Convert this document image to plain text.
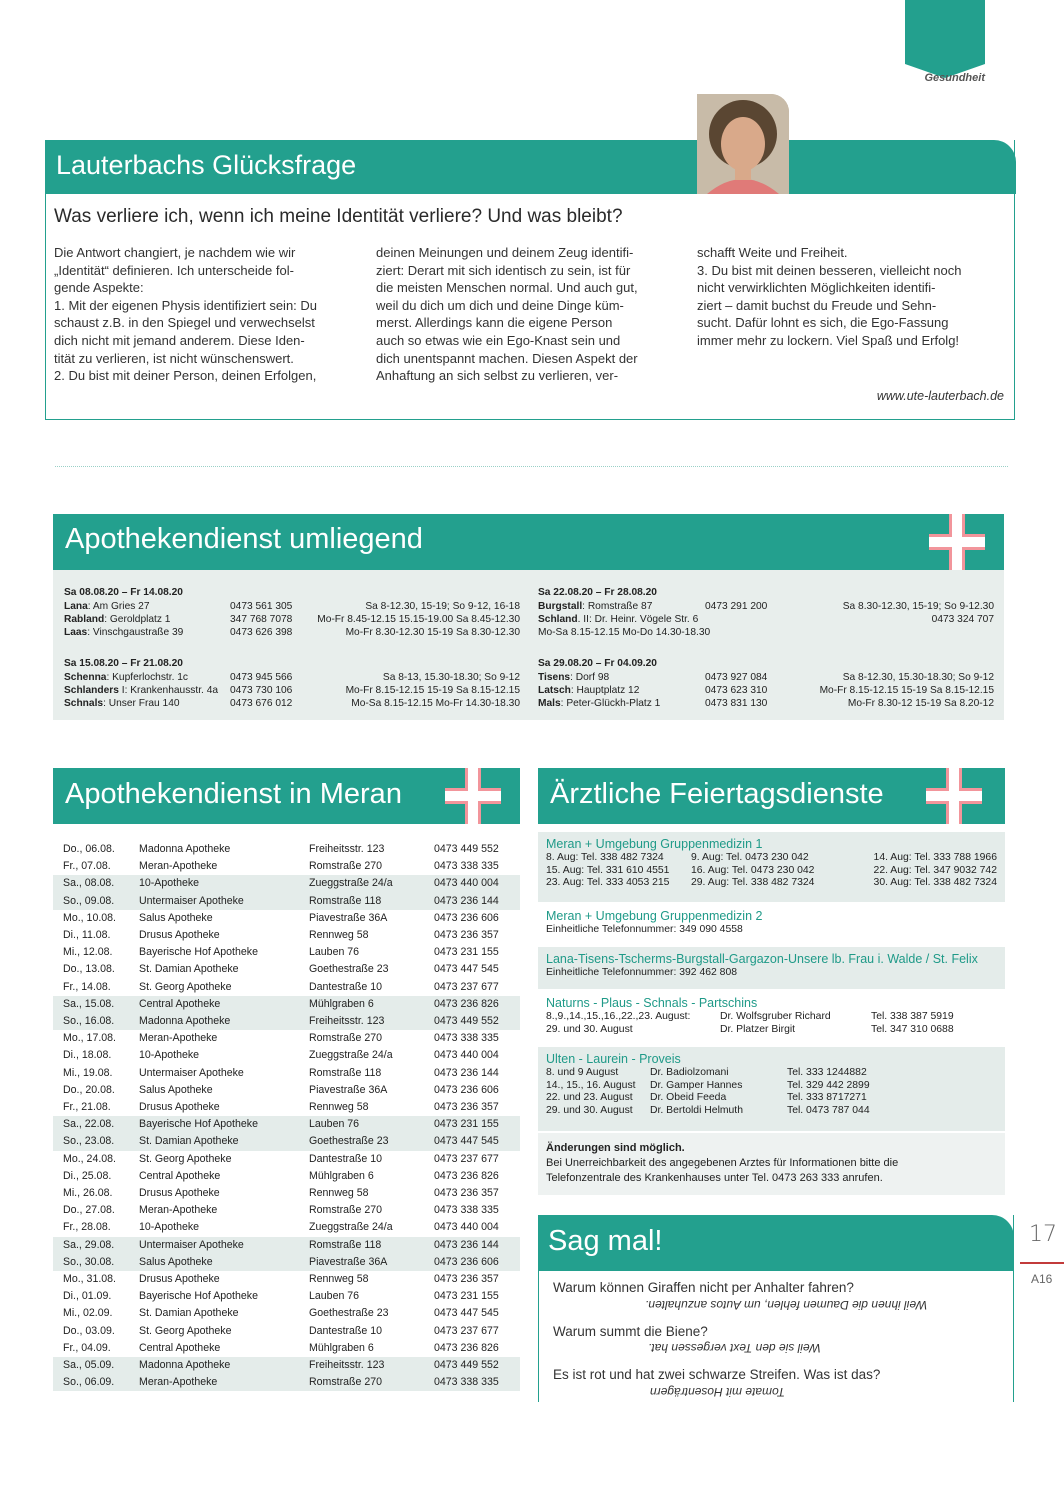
Gesundheit
Lauterbachs Glücksfrage
Was verliere ich, wenn ich meine Identität verliere? Und was bleibt?
Die Antwort changiert, je nachdem wie wir
„Identität“ definieren. Ich unterscheide fol-
gende Aspekte:
1. Mit der eigenen Physis identifiziert sein: Du
schaust z.B. in den Spiegel und verwechselst
dich nicht mit jemand anderem. Diese Iden-
tität zu verlieren, ist nicht wünschenswert.
2. Du bist mit deiner Person, deinen Erfolgen,
deinen Meinungen und deinem Zeug identifi-
ziert: Derart mit sich identisch zu sein, ist für
die meisten Menschen normal. Und auch gut,
weil du dich um dich und deine Dinge küm-
merst. Allerdings kann die eigene Person
auch so etwas wie ein Ego-Knast sein und
dich unentspannt machen. Diesen Aspekt der
Anhaftung an sich selbst zu verlieren, ver-
schafft Weite und Freiheit.
3. Du bist mit deinen besseren, vielleicht noch
nicht verwirklichten Möglichkeiten identifi-
ziert – damit buchst du Freude und Sehn-
sucht. Dafür lohnt es sich, die Ego-Fassung
immer mehr zu lockern. Viel Spaß und Erfolg!
www.ute-lauterbach.de
Apothekendienst umliegend
Sa 08.08.20 – Fr 14.08.20
Lana: Am Gries 27	0473 561 305	Sa 8-12.30, 15-19; So 9-12, 16-18
Rabland: Geroldplatz 1	347 768 7078 Mo-Fr 8.45-12.15 15.15-19.00 Sa 8.45-12.30
Laas: Vinschgaustraße 39	0473 626 398	Mo-Fr 8.30-12.30 15-19 Sa 8.30-12.30
Sa 15.08.20 – Fr 21.08.20
Schenna: Kupferlochstr. 1c	0473 945 566	Sa 8-13, 15.30-18.30; So 9-12
Schlanders I: Krankenhausstr. 4a 0473 730 106	Mo-Fr 8.15-12.15 15-19 Sa 8.15-12.15
Schnals: Unser Frau 140	0473 676 012	Mo-Sa 8.15-12.15 Mo-Fr 14.30-18.30
Sa 22.08.20 – Fr 28.08.20
Burgstall: Romstraße 87	0473 291 200	Sa 8.30-12.30, 15-19; So 9-12.30
Schland. II: Dr. Heinr. Vögele Str. 6	0473 324 707
Mo-Sa 8.15-12.15 Mo-Do 14.30-18.30
Sa 29.08.20 – Fr 04.09.20
Tisens: Dorf 98	0473 927 084	Sa 8-12.30, 15.30-18.30; So 9-12
Latsch: Hauptplatz 12	0473 623 310	Mo-Fr 8.15-12.15 15-19 Sa 8.15-12.15
Mals: Peter-Glückh-Platz 1	0473 831 130	Mo-Fr 8.30-12 15-19 Sa 8.20-12
Apothekendienst in Meran
Do., 06.08. Madonna Apotheke	Freiheitsstr. 123	0473 449 552
Fr., 07.08.	Meran-Apotheke	Romstraße 270	0473 338 335
Sa., 08.08. 10-Apotheke	Zueggstraße 24/a	0473 440 004
So., 09.08. Untermaiser Apotheke	Romstraße 118	0473 236 144
Mo., 10.08. Salus Apotheke	Piavestraße 36A	0473 236 606
Di., 11.08.	Drusus Apotheke	Rennweg 58	0473 236 357
Mi., 12.08.	Bayerische Hof Apotheke	Lauben 76	0473 231 155
Do., 13.08. St. Damian Apotheke	Goethestraße 23	0473 447 545
Fr., 14.08.	St. Georg Apotheke	Dantestraße 10	0473 237 677
Sa., 15.08. Central Apotheke	Mühlgraben 6	0473 236 826
So., 16.08. Madonna Apotheke	Freiheitsstr. 123	0473 449 552
Mo., 17.08. Meran-Apotheke	Romstraße 270	0473 338 335
Di., 18.08.	10-Apotheke	Zueggstraße 24/a	0473 440 004
Mi., 19.08.	Untermaiser Apotheke	Romstraße 118	0473 236 144
Do., 20.08. Salus Apotheke	Piavestraße 36A	0473 236 606
Fr., 21.08.	Drusus Apotheke	Rennweg 58	0473 236 357
Sa., 22.08. Bayerische Hof Apotheke	Lauben 76	0473 231 155
So., 23.08. St. Damian Apotheke	Goethestraße 23	0473 447 545
Mo., 24.08. St. Georg Apotheke	Dantestraße 10	0473 237 677
Di., 25.08.	Central Apotheke	Mühlgraben 6	0473 236 826
Mi., 26.08.	Drusus Apotheke	Rennweg 58	0473 236 357
Do., 27.08. Meran-Apotheke	Romstraße 270	0473 338 335
Fr., 28.08.	10-Apotheke	Zueggstraße 24/a	0473 440 004
Sa., 29.08. Untermaiser Apotheke	Romstraße 118	0473 236 144
So., 30.08. Salus Apotheke	Piavestraße 36A	0473 236 606
Mo., 31.08. Drusus Apotheke	Rennweg 58	0473 236 357
Di., 01.09.	Bayerische Hof Apotheke	Lauben 76	0473 231 155
Mi., 02.09.	St. Damian Apotheke	Goethestraße 23	0473 447 545
Do., 03.09. St. Georg Apotheke	Dantestraße 10	0473 237 677
Fr., 04.09.	Central Apotheke	Mühlgraben 6	0473 236 826
Sa., 05.09. Madonna Apotheke	Freiheitsstr. 123	0473 449 552
So., 06.09. Meran-Apotheke	Romstraße 270	0473 338 335
Ärztliche Feiertagsdienste
Meran + Umgebung Gruppenmedizin 1
8. Aug: Tel. 338 482 7324	9. Aug: Tel. 0473 230 042	14. Aug: Tel. 333 788 1966
15. Aug: Tel. 331 610 4551 16. Aug: Tel. 0473 230 042	22. Aug: Tel. 347 9032 742
23. Aug: Tel. 333 4053 215 29. Aug: Tel. 338 482 7324	30. Aug: Tel. 338 482 7324
Meran + Umgebung Gruppenmedizin 2
Einheitliche Telefonnummer: 349 090 4558
Lana-Tisens-Tscherms-Burgstall-Gargazon-Unsere lb. Frau i. Walde / St. Felix
Einheitliche Telefonnummer: 392 462 808
Naturns - Plaus - Schnals - Partschins
8.,9.,14.,15.,16.,22.,23. August:	Dr. Wolfsgruber Richard	Tel. 338 387 5919
29. und 30. August	Dr. Platzer Birgit	Tel. 347 310 0688
Ulten - Laurein - Proveis
8. und 9 August	Dr. Badiolzomani	Tel. 333 1244882
14., 15., 16. August Dr. Gamper Hannes	Tel. 329 442 2899
22. und 23. August Dr. Obeid Feeda	Tel. 333 8717271
29. und 30. August Dr. Bertoldi Helmuth	Tel. 0473 787 044
Änderungen sind möglich.
Bei Unerreichbarkeit des angegebenen Arztes für Informationen bitte die
Telefonzentrale des Krankenhauses unter Tel. 0473 263 333 anrufen.
Sag mal!
Warum können Giraffen nicht per Anhalter fahren?
Weil ihnen die Daumen fehlen, um Autos anzuhalten.
Warum summt die Biene?
Weil sie den Text vergessen hat.
Es ist rot und hat zwei schwarze Streifen. Was ist das?
Tomate mit Hosenträgern
17
A16
